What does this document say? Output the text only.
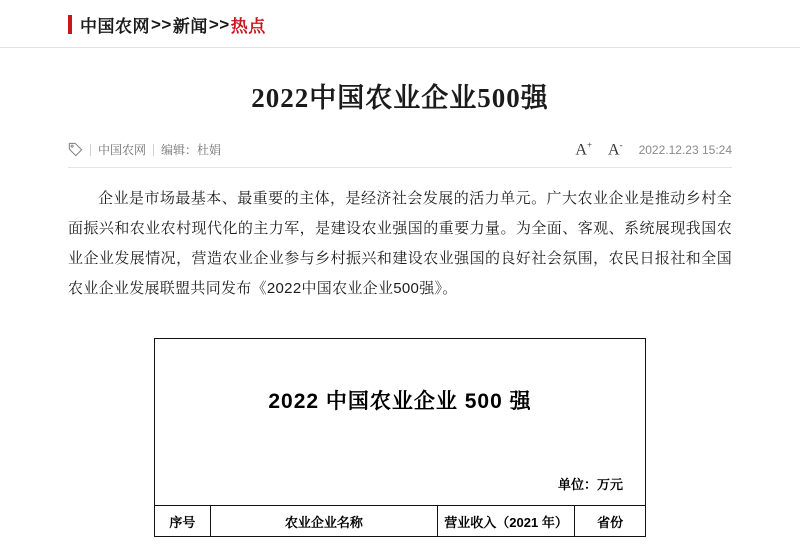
中国农网 >> 新闻 >> 热点
2022中国农业企业500强
中国农网 编辑：杜娟	A+ A- 2022.12.23 15:24

企业是市场最基本、最重要的主体，是经济社会发展的活力单元。广大农业企业是推动乡村全面振兴和农业农村现代化的主力军，是建设农业强国的重要力量。为全面、客观、系统展现我国农业企业发展情况，营造农业企业参与乡村振兴和建设农业强国的良好社会氛围，农民日报社和全国农业企业发展联盟共同发布《2022中国农业企业500强》。

2022 中国农业企业 500 强
单位：万元
序号	农业企业名称	营业收入（2021 年）	省份
